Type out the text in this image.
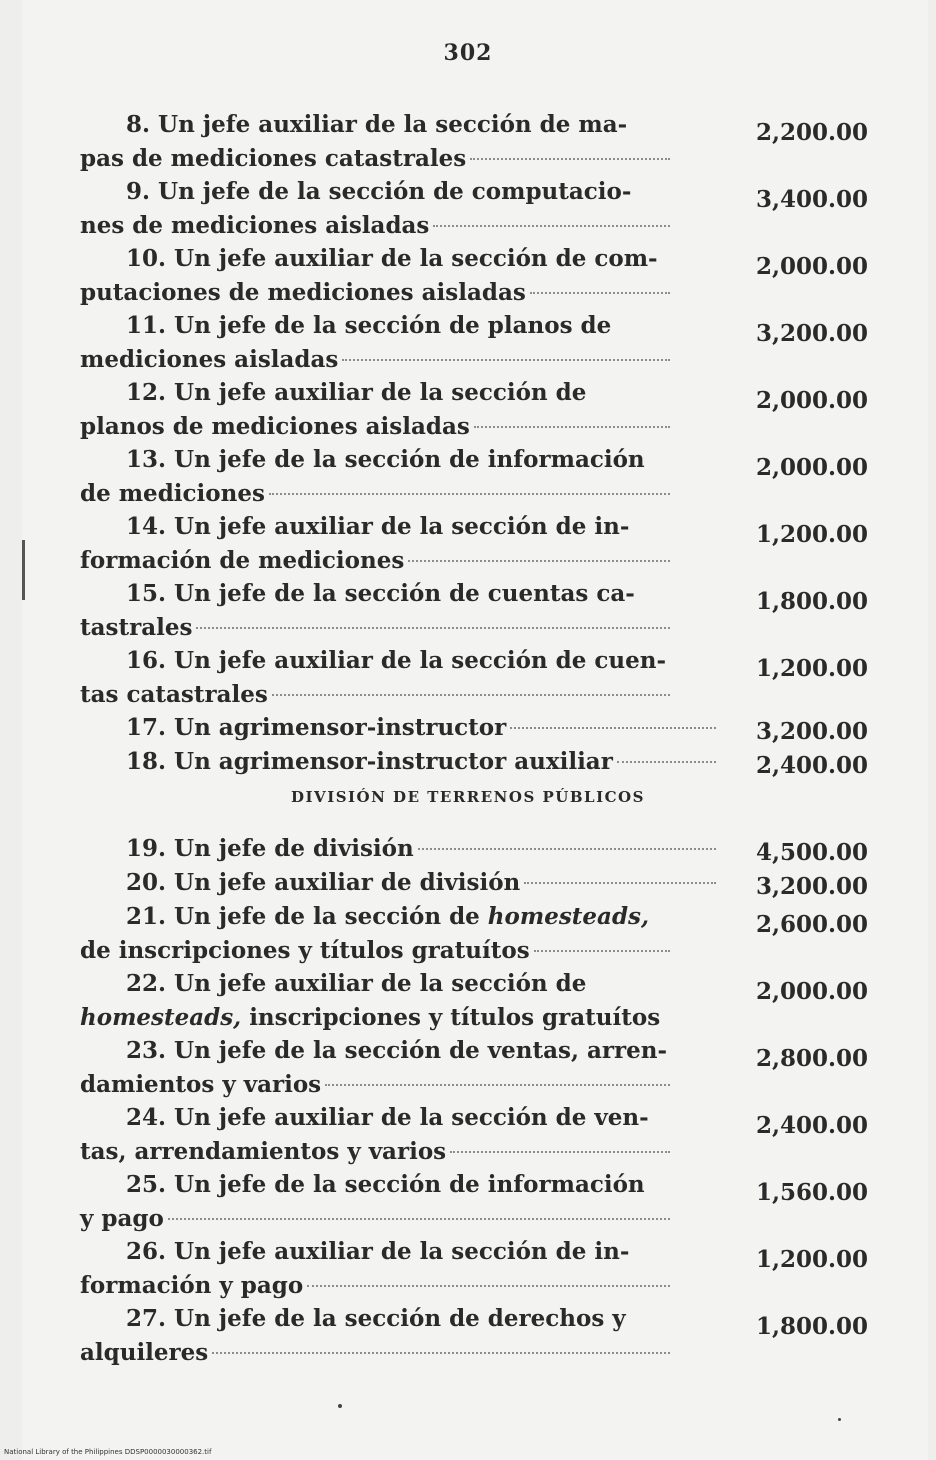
302
8. Un jefe auxiliar de la sección de ma-
pas de mediciones catastrales
2,200.00
9. Un jefe de la sección de computacio-
nes de mediciones aisladas
3,400.00
10. Un jefe auxiliar de la sección de com-
putaciones de mediciones aisladas
2,000.00
11. Un jefe de la sección de planos de
mediciones aisladas
3,200.00
12. Un jefe auxiliar de la sección de
planos de mediciones aisladas
2,000.00
13. Un jefe de la sección de información
de mediciones
2,000.00
14. Un jefe auxiliar de la sección de in-
formación de mediciones
1,200.00
15. Un jefe de la sección de cuentas ca-
tastrales
1,800.00
16. Un jefe auxiliar de la sección de cuen-
tas catastrales
1,200.00
17. Un agrimensor-instructor	3,200.00
18. Un agrimensor-instructor auxiliar	2,400.00
DIVISIÓN DE TERRENOS PÚBLICOS
19. Un jefe de división	4,500.00
20. Un jefe auxiliar de división	3,200.00
21. Un jefe de la sección de homesteads,
de inscripciones y títulos gratuítos
2,600.00
22. Un jefe auxiliar de la sección de
homesteads, inscripciones y títulos gratuítos
2,000.00
23. Un jefe de la sección de ventas, arren-
damientos y varios
2,800.00
24. Un jefe auxiliar de la sección de ven-
tas, arrendamientos y varios
2,400.00
25. Un jefe de la sección de información
y pago
1,560.00
26. Un jefe auxiliar de la sección de in-
formación y pago
1,200.00
27. Un jefe de la sección de derechos y
alquileres
1,800.00
National Library of the Philippines DDSP0000030000362.tif
